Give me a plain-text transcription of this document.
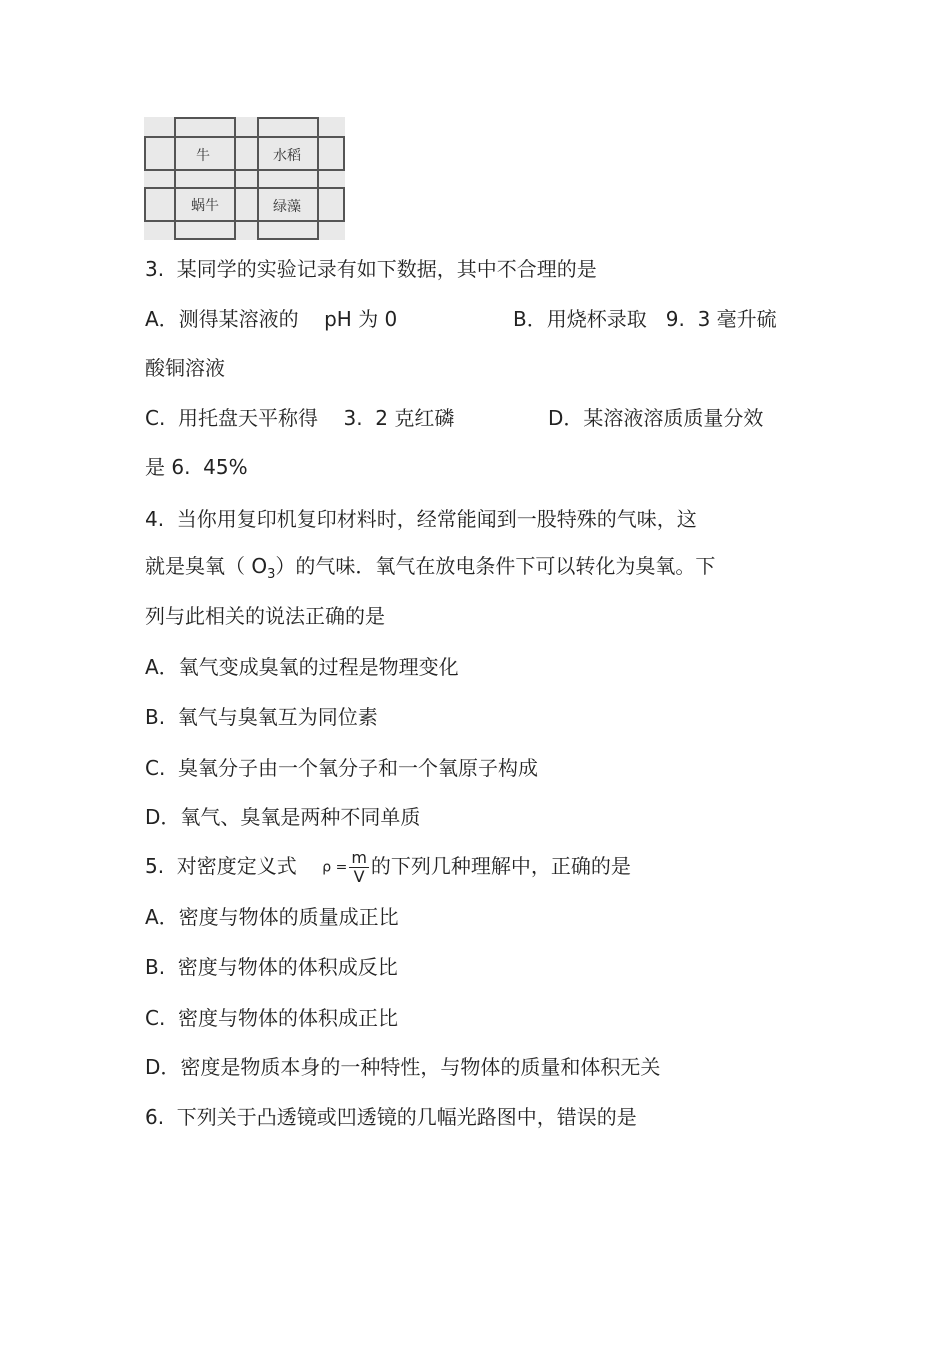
牛	水稻
蜗牛	绿藻
3.  某同学的实验记录有如下数据，其中不合理的是
A．测得某溶液的    pH 为 0	B．用烧杯录取   9.  3 毫升硫
酸铜溶液
C.  用托盘天平称得    3.  2 克红磷	D．某溶液溶质质量分效
是 6.  45%
4.  当你用复印机复印材料时，经常能闻到一股特殊的气味，这
就是臭氧（ $O_3$）的气味．氧气在放电条件下可以转化为臭氧。下
列与此相关的说法正确的是
A．氧气变成臭氧的过程是物理变化
B.  氧气与臭氧互为同位素
C.  臭氧分子由一个氧分子和一个氧原子构成
D．氧气、臭氧是两种不同单质
5.  对密度定义式    $\rho = \frac{m}{V}$ 的下列几种理解中，正确的是
A．密度与物体的质量成正比
B.  密度与物体的体积成反比
C.  密度与物体的体积成正比
D．密度是物质本身的一种特性，与物体的质量和体积无关
6.  下列关于凸透镜或凹透镜的几幅光路图中，错误的是
